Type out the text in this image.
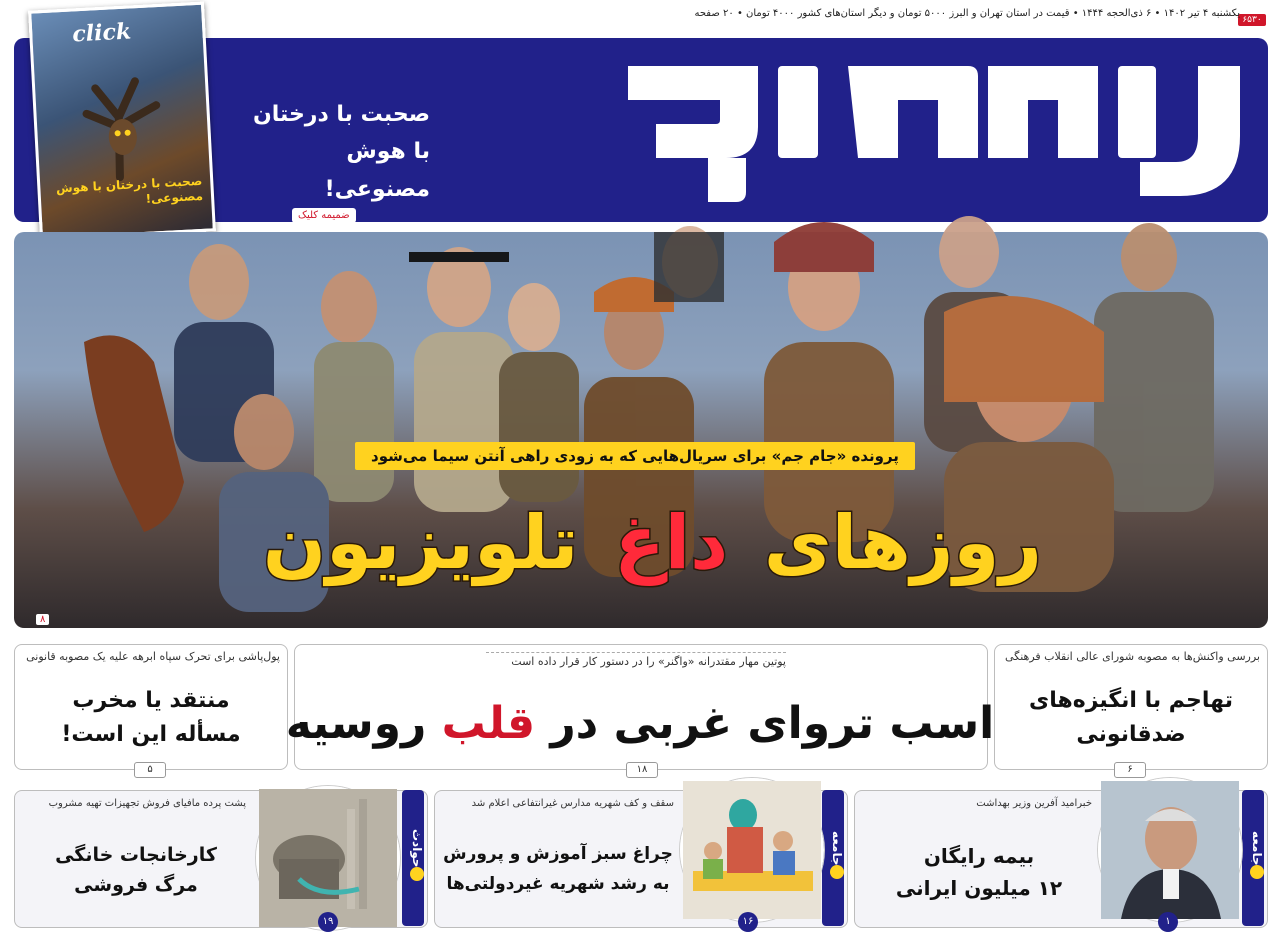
۶۵۳۰
یکشنبه ۴ تیر ۱۴۰۲ • ۶ ذی‌الحجه ۱۴۴۴ • قیمت در استان تهران و البرز ۵۰۰۰ تومان و دیگر استان‌های کشور ۴۰۰۰ تومان • ۲۰ صفحه
جام جم
click
صحبت با درختان با هوش مصنوعی!
صحبت با درختان
با هوش مصنوعی!
ضمیمه کلیک
پرونده «جام جم» برای سریال‌هایی که به زودی راهی آنتن سیما می‌شود
روزهای داغ تلویزیون
۸
پول‌پاشی برای تحرک سپاه ابرهه علیه یک مصوبه قانونی
منتقد یا مخرب
مسأله این است!
۵
پوتین مهار مقتدرانه «واگنر» را در دستور کار قرار داده است
اسب تروای غربی در قلب روسیه
۱۸
بررسی واکنش‌ها به مصوبه شورای عالی انقلاب فرهنگی
تهاجم با انگیزه‌های
ضدقانونی
۶
حوادث
۱۹
پشت پرده مافیای فروش تجهیزات تهیه مشروب
کارخانجات خانگی
مرگ فروشی
جامعه
۱۶
سقف و کف شهریه مدارس غیرانتفاعی اعلام شد
چراغ سبز آموزش و پرورش
به رشد شهریه غیردولتی‌ها
جامعه
۱
خبرامید آفرین وزیر بهداشت
بیمه رایگان
۱۲ میلیون ایرانی
